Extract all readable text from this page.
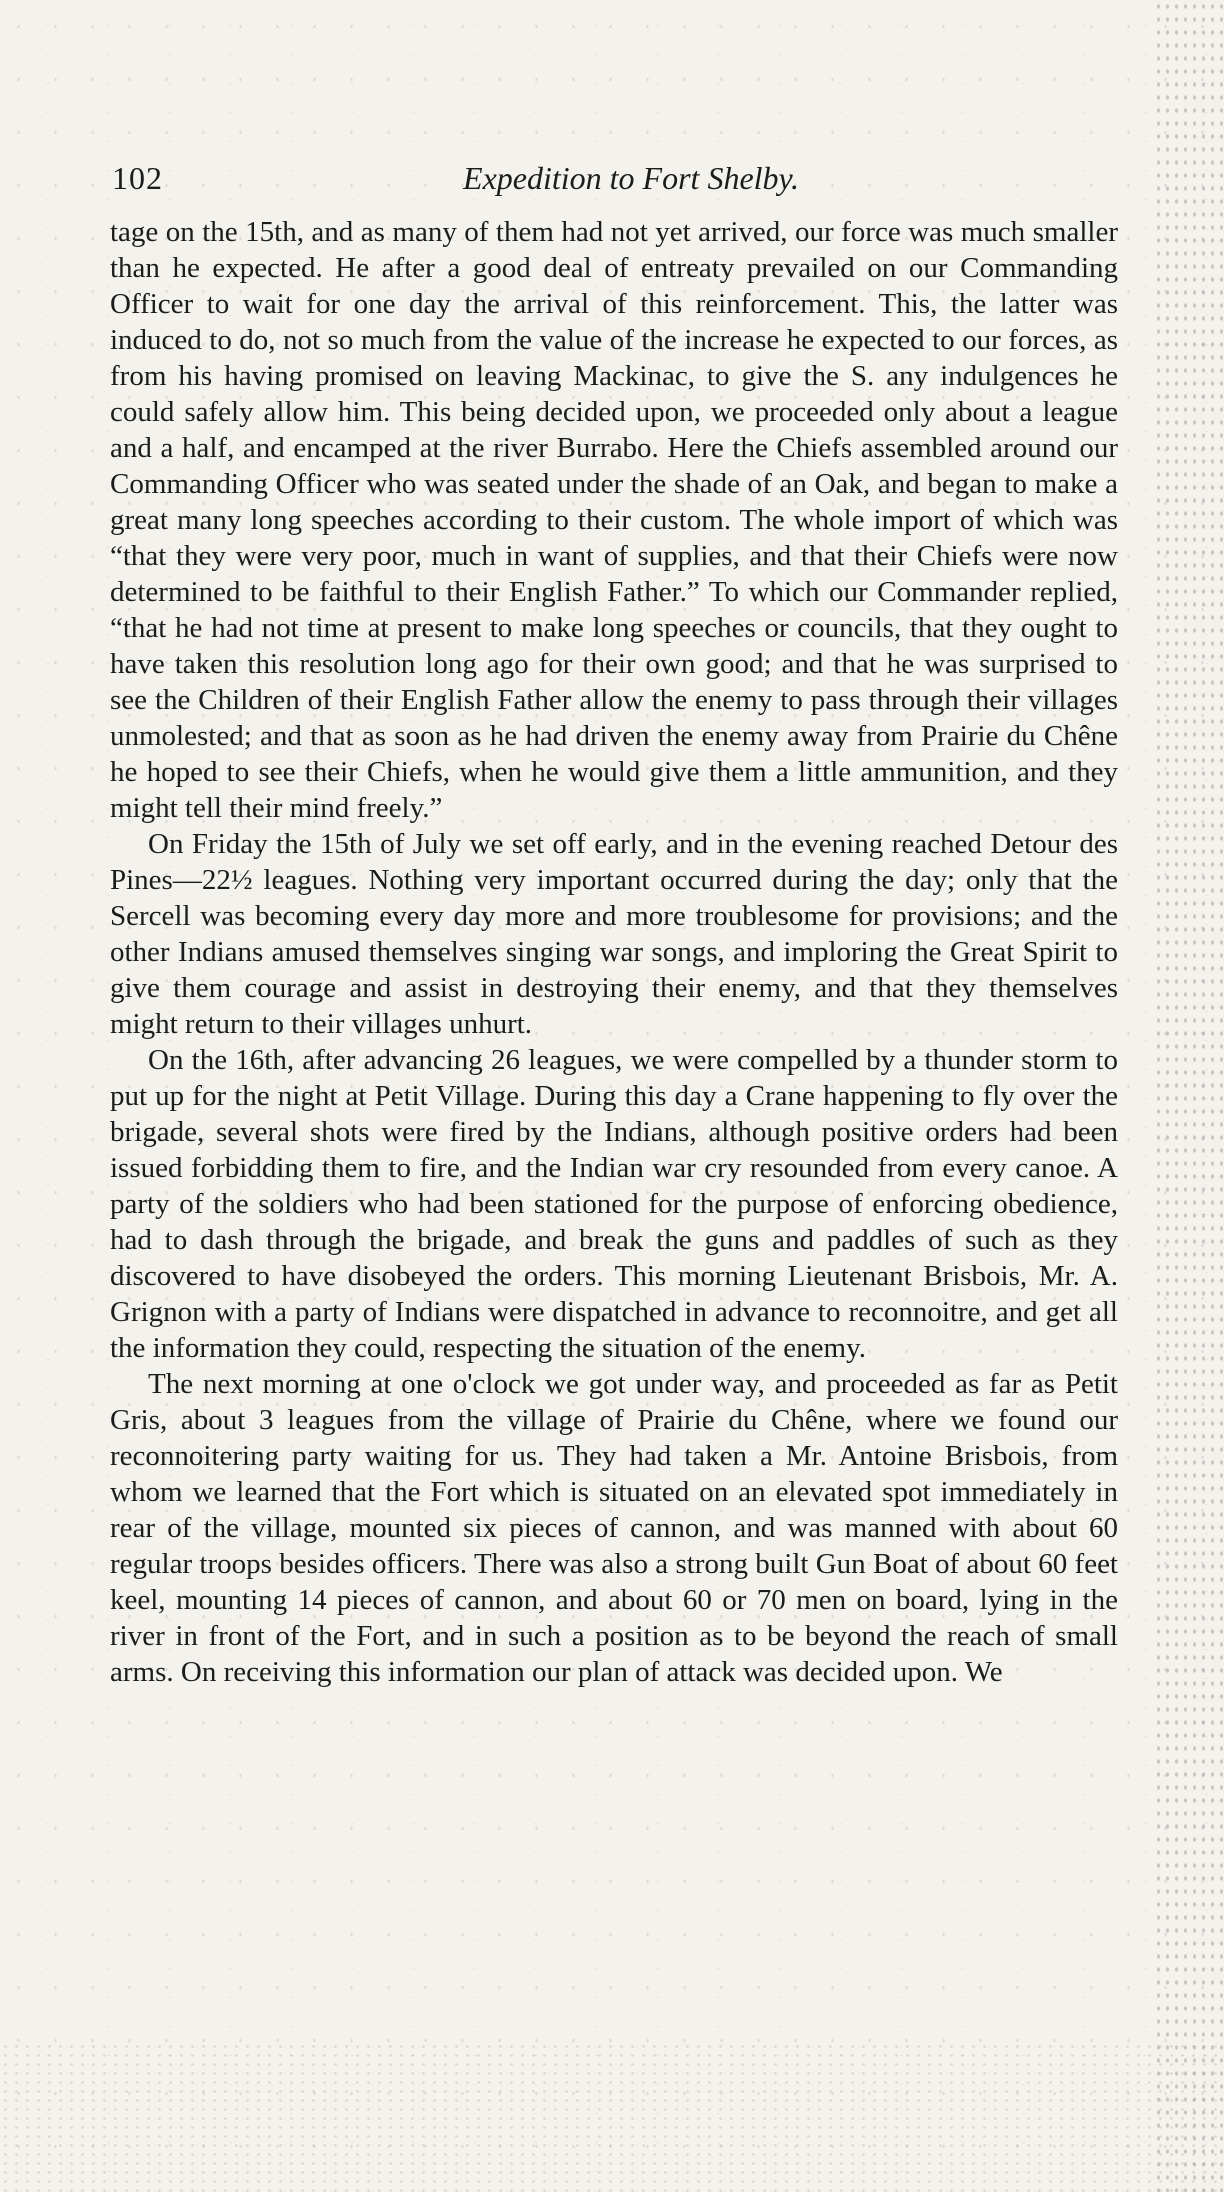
102	Expedition to Fort Shelby.

tage on the 15th, and as many of them had not yet arrived, our force was much smaller than he expected. He after a good deal of entreaty prevailed on our Commanding Officer to wait for one day the arrival of this reinforcement. This, the latter was induced to do, not so much from the value of the increase he expected to our forces, as from his having promised on leaving Mackinac, to give the S. any indulgences he could safely allow him. This being decided upon, we proceeded only about a league and a half, and encamped at the river Burrabo. Here the Chiefs assembled around our Commanding Officer who was seated under the shade of an Oak, and began to make a great many long speeches according to their custom. The whole import of which was “that they were very poor, much in want of supplies, and that their Chiefs were now determined to be faithful to their English Father.” To which our Commander replied, “that he had not time at present to make long speeches or councils, that they ought to have taken this resolution long ago for their own good; and that he was surprised to see the Children of their English Father allow the enemy to pass through their villages unmolested; and that as soon as he had driven the enemy away from Prairie du Chêne he hoped to see their Chiefs, when he would give them a little ammunition, and they might tell their mind freely.”

On Friday the 15th of July we set off early, and in the evening reached Detour des Pines—22½ leagues. Nothing very important occurred during the day; only that the Sercell was becoming every day more and more troublesome for provisions; and the other Indians amused themselves singing war songs, and imploring the Great Spirit to give them courage and assist in destroying their enemy, and that they themselves might return to their villages unhurt.

On the 16th, after advancing 26 leagues, we were compelled by a thunder storm to put up for the night at Petit Village. During this day a Crane happening to fly over the brigade, several shots were fired by the Indians, although positive orders had been issued forbidding them to fire, and the Indian war cry resounded from every canoe. A party of the soldiers who had been stationed for the purpose of enforcing obedience, had to dash through the brigade, and break the guns and paddles of such as they discovered to have disobeyed the orders. This morning Lieutenant Brisbois, Mr. A. Grignon with a party of Indians were dispatched in advance to reconnoitre, and get all the information they could, respecting the situation of the enemy.

The next morning at one o'clock we got under way, and proceeded as far as Petit Gris, about 3 leagues from the village of Prairie du Chêne, where we found our reconnoitering party waiting for us. They had taken a Mr. Antoine Brisbois, from whom we learned that the Fort which is situated on an elevated spot immediately in rear of the village, mounted six pieces of cannon, and was manned with about 60 regular troops besides officers. There was also a strong built Gun Boat of about 60 feet keel, mounting 14 pieces of cannon, and about 60 or 70 men on board, lying in the river in front of the Fort, and in such a position as to be beyond the reach of small arms. On receiving this information our plan of attack was decided upon. We
